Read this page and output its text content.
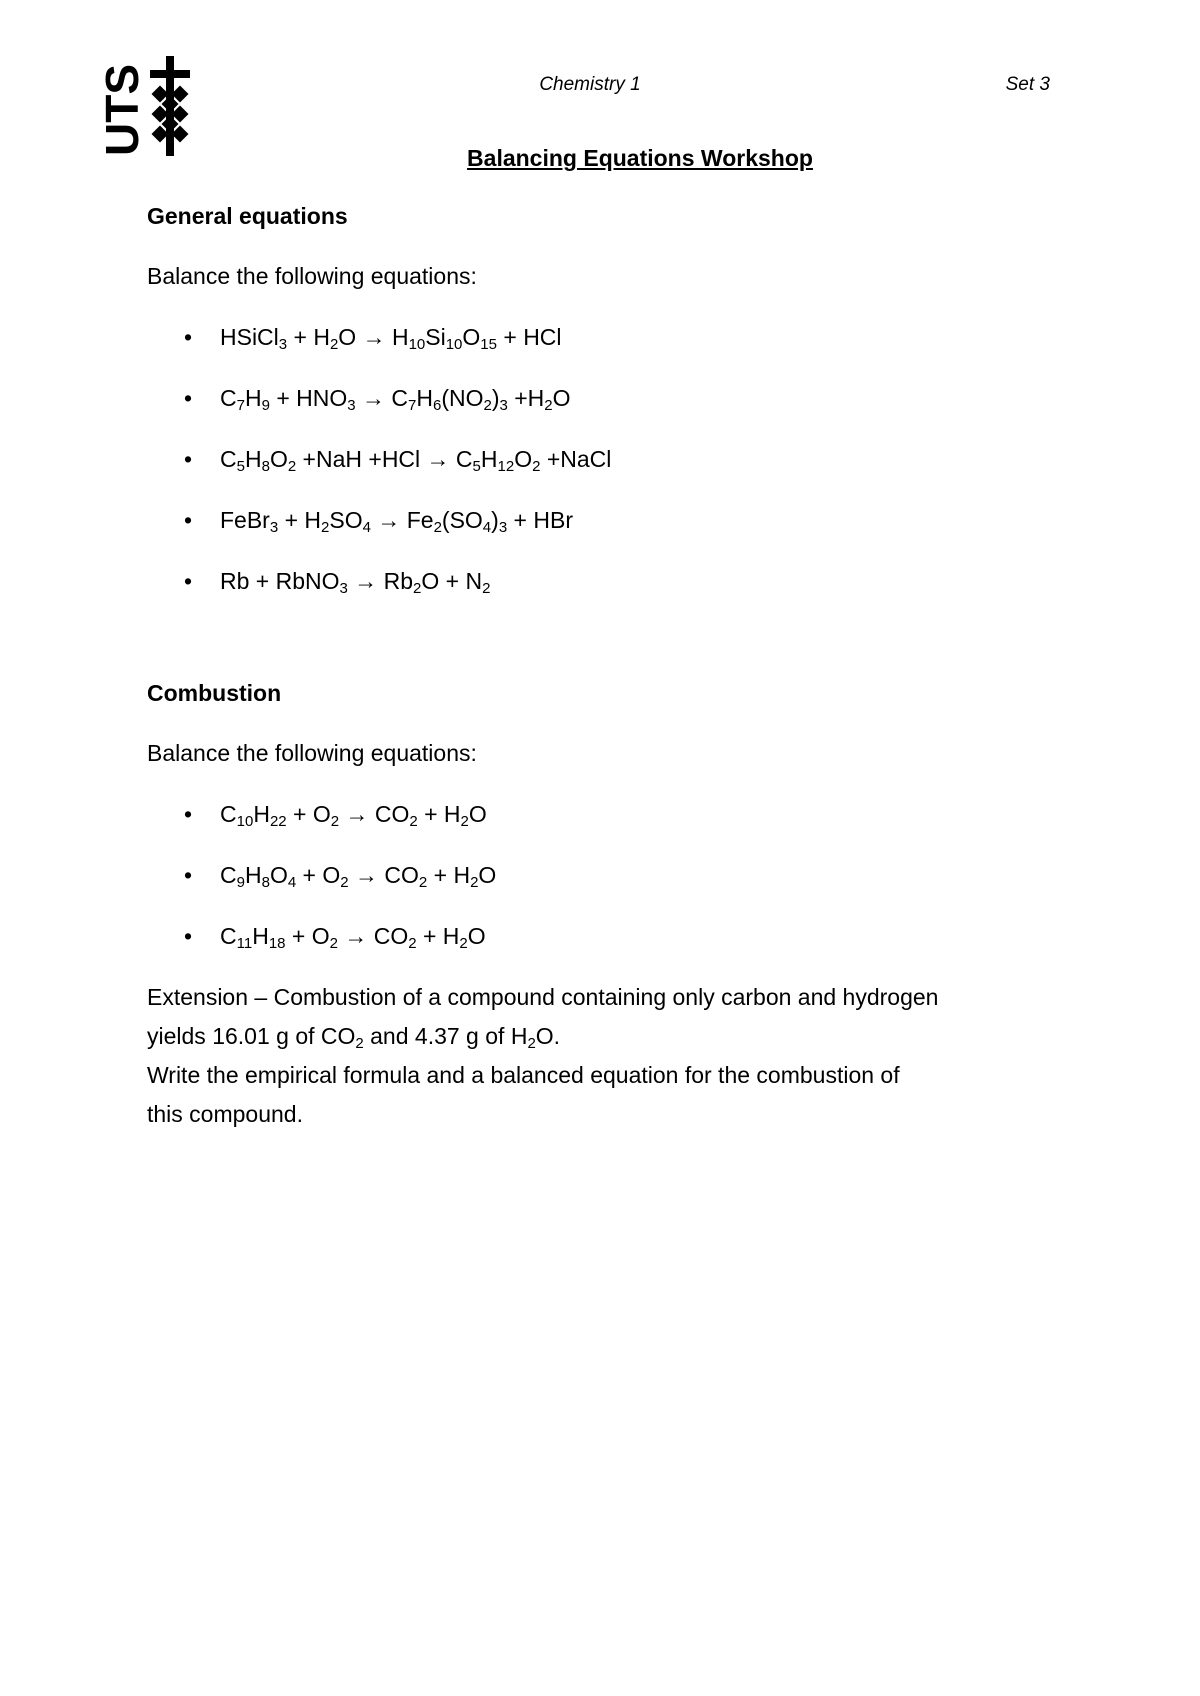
UTS	Chemistry 1	Set 3
Balancing Equations Workshop

General equations

Balance the following equations:

• HSiCl$_3$ + $H_2O \to H_{10}Si_{10}O_{15}$ + HCl
• $C_7H_9 + HNO_3 \to C_7H_6(NO_2)_3 +H_2O$
• $C_5H_8O_2 +NaH +HCl \to C_5H_{12}O_2$ +NaCl
• FeBr$_3$ + $H_2SO_4 \to Fe_2(SO_4)_3$ + HBr
• Rb + RbNO$_3$ → $Rb_2O + N_2$

Combustion

Balance the following equations:

• $C_{10}H_{22} + O_2 \to CO_2 + H_2O$
• $C_9H_8O_4 + O_2 \to CO_2 + H_2O$
• $C_{11}H_{18} + O_2 \to CO_2 + H_2O$

Extension – Combustion of a compound containing only carbon and hydrogen

yields 16.01 g of $CO_2$ and 4.37 g of $H_2O$.

Write the empirical formula and a balanced equation for the combustion of

this compound.
